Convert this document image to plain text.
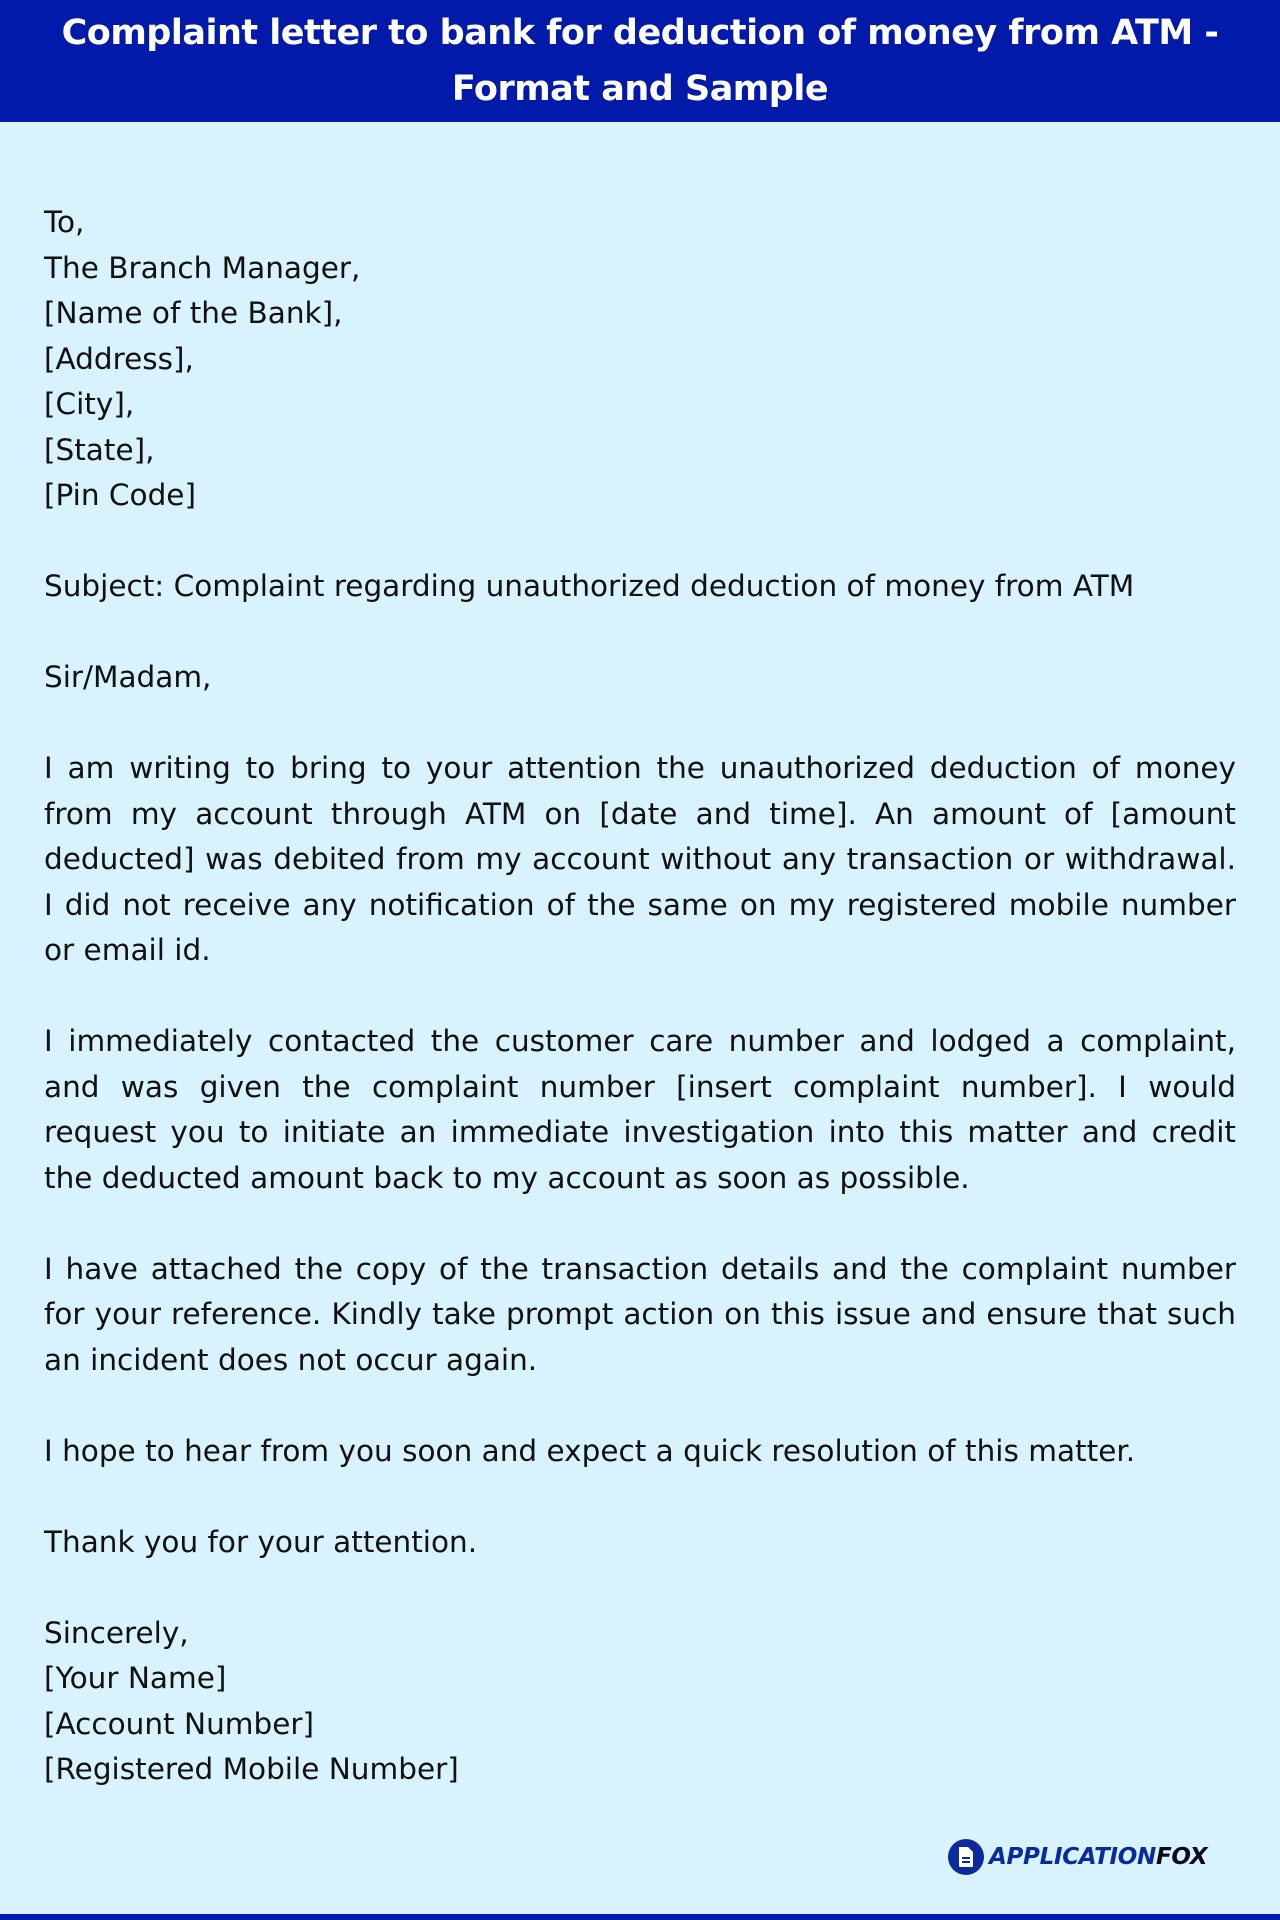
Complaint letter to bank for deduction of money from ATM -
Format and Sample
To,
The Branch Manager,
[Name of the Bank],
[Address],
[City],
[State],
[Pin Code]
Subject: Complaint regarding unauthorized deduction of money from ATM
Sir/Madam,

I am writing to bring to your attention the unauthorized deduction of money from my account through ATM on [date and time]. An amount of [amount deducted] was debited from my account without any transaction or withdrawal. I did not receive any notification of the same on my registered mobile number or email id.

I immediately contacted the customer care number and lodged a complaint, and was given the complaint number [insert complaint number]. I would request you to initiate an immediate investigation into this matter and credit the deducted amount back to my account as soon as possible.

I have attached the copy of the transaction details and the complaint number for your reference. Kindly take prompt action on this issue and ensure that such an incident does not occur again.

I hope to hear from you soon and expect a quick resolution of this matter.

Thank you for your attention.

Sincerely,
[Your Name]
[Account Number]
[Registered Mobile Number]
APPLICATIONFOX
